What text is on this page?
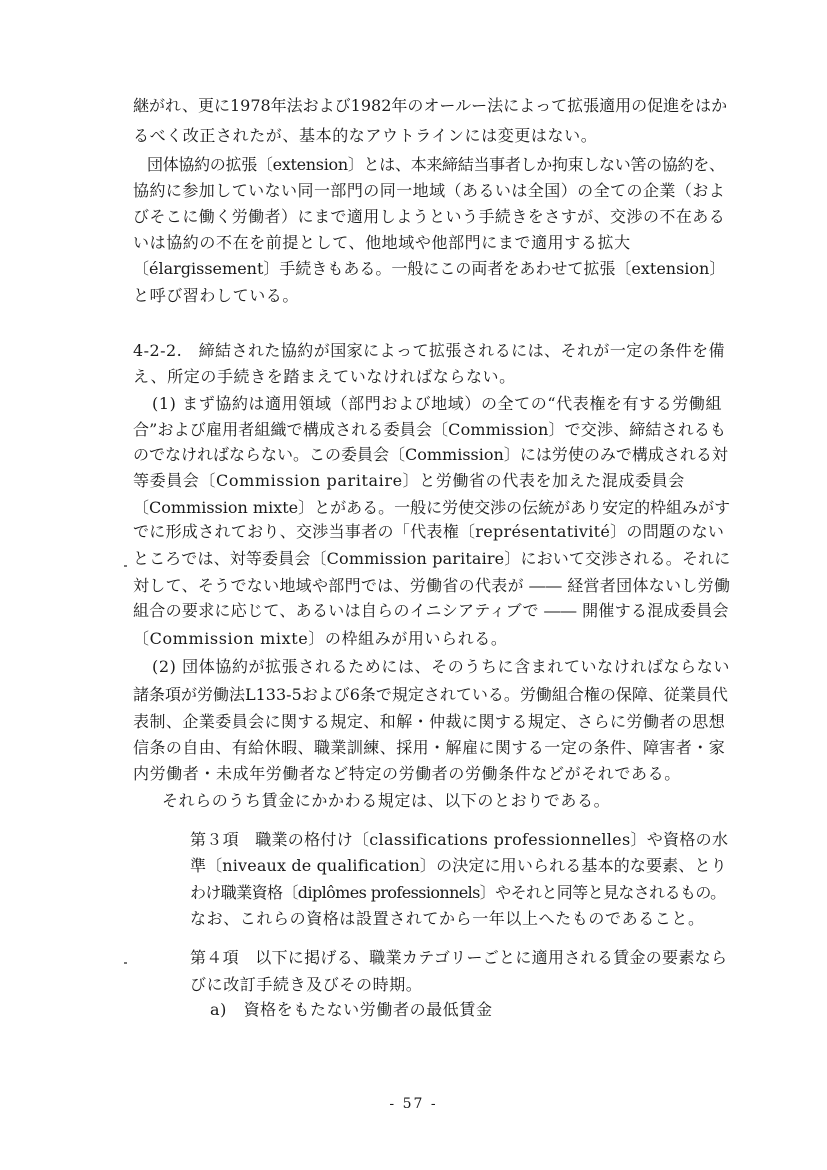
継がれ、更に1978年法および1982年のオールー法によって拡張適用の促進をはか
るべく改正されたが、基本的なアウトラインには変更はない。
団体協約の拡張〔extension〕とは、本来締結当事者しか拘束しない筈の協約を、
協約に参加していない同一部門の同一地域（あるいは全国）の全ての企業（およ
びそこに働く労働者）にまで適用しようという手続きをさすが、交渉の不在ある
いは協約の不在を前提として、他地域や他部門にまで適用する拡大
〔élargissement〕手続きもある。一般にこの両者をあわせて拡張〔extension〕
と呼び習わしている。
4-2-2.　締結された協約が国家によって拡張されるには、それが一定の条件を備
え、所定の手続きを踏まえていなければならない。
(1) まず協約は適用領域（部門および地域）の全ての“代表権を有する労働組
合”および雇用者組織で構成される委員会〔Commission〕で交渉、締結されるも
のでなければならない。この委員会〔Commission〕には労使のみで構成される対
等委員会〔Commission paritaire〕と労働省の代表を加えた混成委員会
〔Commission mixte〕とがある。一般に労使交渉の伝統があり安定的枠組みがす
でに形成されており、交渉当事者の「代表権〔représentativité〕の問題のない
ところでは、対等委員会〔Commission paritaire〕において交渉される。それに
対して、そうでない地域や部門では、労働省の代表が ―― 経営者団体ないし労働
組合の要求に応じて、あるいは自らのイニシアティブで ―― 開催する混成委員会
〔Commission mixte〕の枠組みが用いられる。
(2) 団体協約が拡張されるためには、そのうちに含まれていなければならない
諸条項が労働法L133-5および6条で規定されている。労働組合権の保障、従業員代
表制、企業委員会に関する規定、和解・仲裁に関する規定、さらに労働者の思想
信条の自由、有給休暇、職業訓練、採用・解雇に関する一定の条件、障害者・家
内労働者・未成年労働者など特定の労働者の労働条件などがそれである。
それらのうち賃金にかかわる規定は、以下のとおりである。
第３項　職業の格付け〔classifications professionnelles〕や資格の水
準〔niveaux de qualification〕の決定に用いられる基本的な要素、とり
わけ職業資格〔diplômes professionnels〕やそれと同等と見なされるもの。
なお、これらの資格は設置されてから一年以上へたものであること。
第４項　以下に掲げる、職業カテゴリーごとに適用される賃金の要素なら
びに改訂手続き及びその時期。
a)　資格をもたない労働者の最低賃金
- 57 -
